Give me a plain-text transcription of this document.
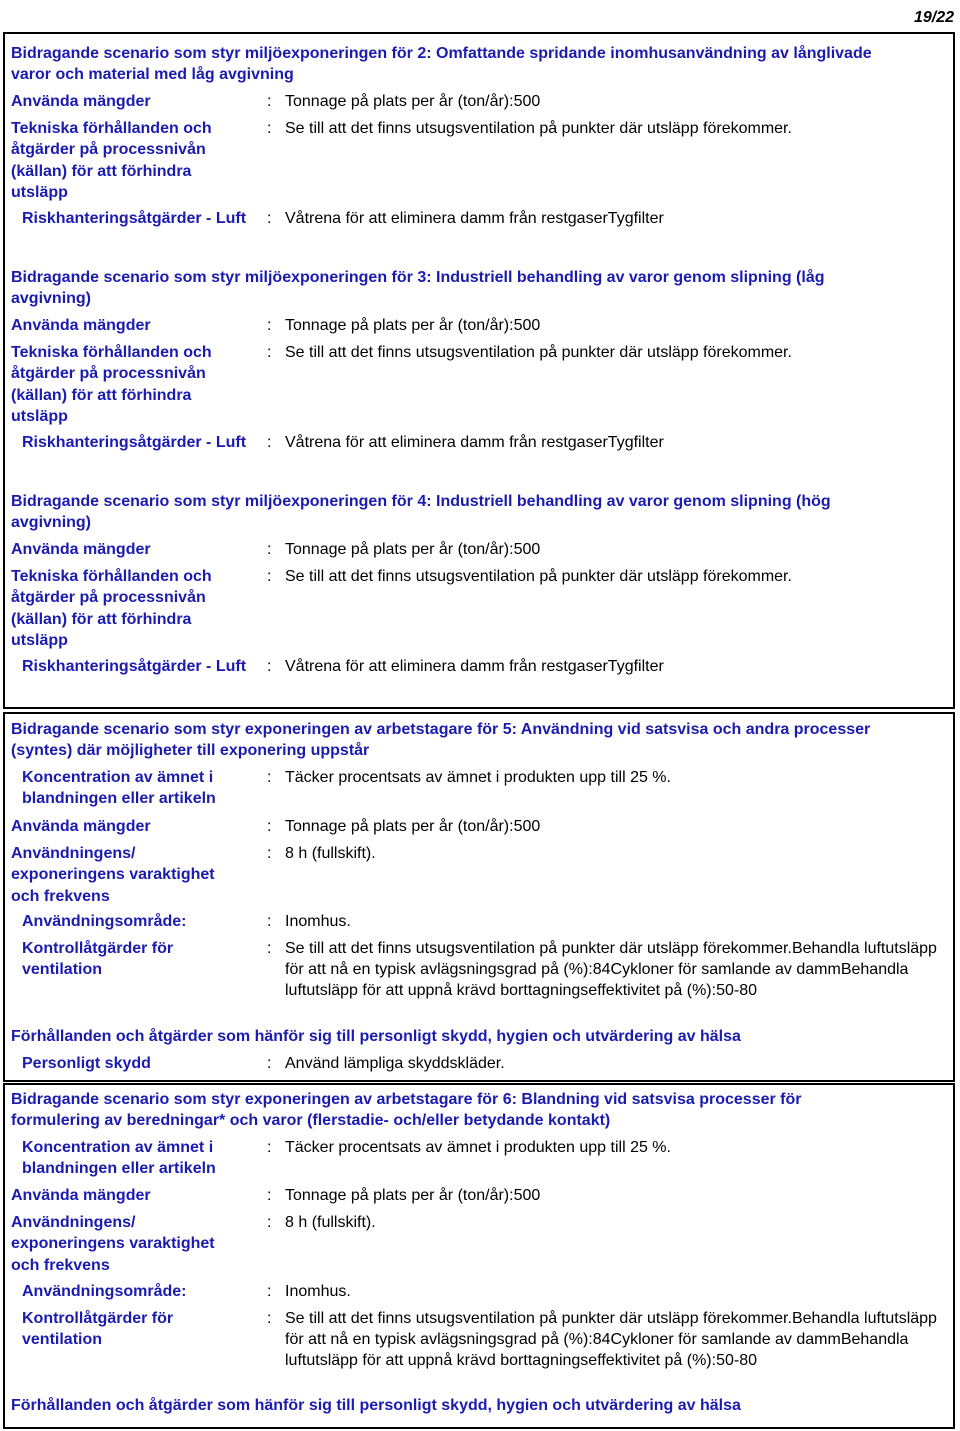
19/22
Bidragande scenario som styr miljöexponeringen för 2: Omfattande spridande inomhusanvändning av långlivade varor och material med låg avgivning
Använda mängder	: Tonnage på plats per år (ton/år):500
Tekniska förhållanden och åtgärder på processnivån (källan) för att förhindra utsläpp
: Se till att det finns utsugsventilation på punkter där utsläpp förekommer.
Riskhanteringsåtgärder - Luft	: Våtrena för att eliminera damm från restgaserTygfilter
Bidragande scenario som styr miljöexponeringen för 3: Industriell behandling av varor genom slipning (låg avgivning)
Använda mängder	: Tonnage på plats per år (ton/år):500
Tekniska förhållanden och åtgärder på processnivån (källan) för att förhindra utsläpp
: Se till att det finns utsugsventilation på punkter där utsläpp förekommer.
Riskhanteringsåtgärder - Luft	: Våtrena för att eliminera damm från restgaserTygfilter
Bidragande scenario som styr miljöexponeringen för 4: Industriell behandling av varor genom slipning (hög avgivning)
Använda mängder	: Tonnage på plats per år (ton/år):500
Tekniska förhållanden och åtgärder på processnivån (källan) för att förhindra utsläpp
: Se till att det finns utsugsventilation på punkter där utsläpp förekommer.
Riskhanteringsåtgärder - Luft	: Våtrena för att eliminera damm från restgaserTygfilter
Bidragande scenario som styr exponeringen av arbetstagare för 5: Användning vid satsvisa och andra processer (syntes) där möjligheter till exponering uppstår
Koncentration av ämnet i blandningen eller artikeln
: Täcker procentsats av ämnet i produkten upp till 25 %.
Använda mängder	: Tonnage på plats per år (ton/år):500
Användningens/ exponeringens varaktighet och frekvens
: 8 h (fullskift).
Användningsområde:	: Inomhus.
Kontrollåtgärder för ventilation
: Se till att det finns utsugsventilation på punkter där utsläpp förekommer.Behandla luftutsläpp för att nå en typisk avlägsningsgrad på (%):84Cykloner för samlande av dammBehandla luftutsläpp för att uppnå krävd borttagningseffektivitet på (%):50-80
Förhållanden och åtgärder som hänför sig till personligt skydd, hygien och utvärdering av hälsa
Personligt skydd	: Använd lämpliga skyddskläder.
Bidragande scenario som styr exponeringen av arbetstagare för 6: Blandning vid satsvisa processer för formulering av beredningar* och varor (flerstadie- och/eller betydande kontakt)
Koncentration av ämnet i blandningen eller artikeln
: Täcker procentsats av ämnet i produkten upp till 25 %.
Använda mängder	: Tonnage på plats per år (ton/år):500
Användningens/ exponeringens varaktighet och frekvens
: 8 h (fullskift).
Användningsområde:	: Inomhus.
Kontrollåtgärder för ventilation
: Se till att det finns utsugsventilation på punkter där utsläpp förekommer.Behandla luftutsläpp för att nå en typisk avlägsningsgrad på (%):84Cykloner för samlande av dammBehandla luftutsläpp för att uppnå krävd borttagningseffektivitet på (%):50-80
Förhållanden och åtgärder som hänför sig till personligt skydd, hygien och utvärdering av hälsa
